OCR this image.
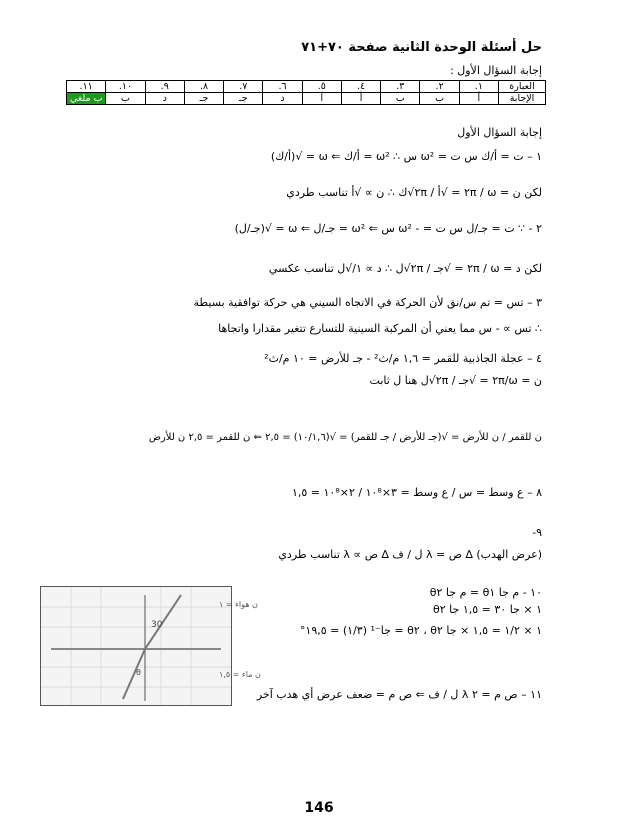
حل أسئلة الوحدة الثانية صفحة ٧٠+٧١
إجابة السؤال الأول :
العبارة	١.	٢.	٣.	٤.	٥.	٦.	٧.	٨.	٩.	١٠.	١١.
الإجابة	أ	ب	ب	أ	أ	د	جـ	جـ	د	ب	ب ملغي
إجابة السؤال الأول
١ – ت = أ/ك س ت = ω² س ∴ ω² = أ/ك ⇐ ω = √(أ/ك)
لكن ن = ω / ٢π = √أ / ٢π√ك ∴ ن ∝ √أ تناسب طردي
٢ - ∵ ت = جـ/ل س ت = - ω² س ⇐ ω² = جـ/ل ⇐ ω = √(جـ/ل)
لكن د = ω / ٢π = √جـ / ٢π√ل ∴ د ∝ ١/√ل تناسب عكسي
٣ – تس = تم س/نق لأن الحركة في الاتجاه السيني هي حركة توافقية بسيطة
∴ تس ∝ - س مما يعني أن المركبة السينية للتسارع تتغير مقدارا واتجاها
٤ – عجلة الجاذبية للقمر = ١,٦ م/ث² - جـ للأرض = ١٠ م/ث²
ن = ω/٢π = √جـ / ٢π√ل هنا ل ثابت
ن للقمر / ن للأرض = √(جـ للأرض / جـ للقمر) = √(١٠/١,٦) = ٢,٥ ⇐ ن للقمر = ٢,٥ ن للأرض
٨ – ع وسط = س / ع وسط = ٣×١٠⁸ / ٢×١٠⁸ = ١,٥
٩-
(عرض الهدب) ∆ ص = λ ل / ف ∆ ص ∝ λ تناسب طردي
١٠ - م جا θ١ = م جا θ٢
١ × جا ٣٠ = ١,٥ جا θ٢
١ × ١/٢ = ١,٥ × جا θ٢ ، θ٢ = جا⁻¹ (١/٣) = ١٩,٥°
١١ – ص م = ٢ λ ل / ف ⇐ ص م = ضعف عرض أي هدب آخر
30
θ
ن هواء = ١
ن ماء = ١,٥
146
